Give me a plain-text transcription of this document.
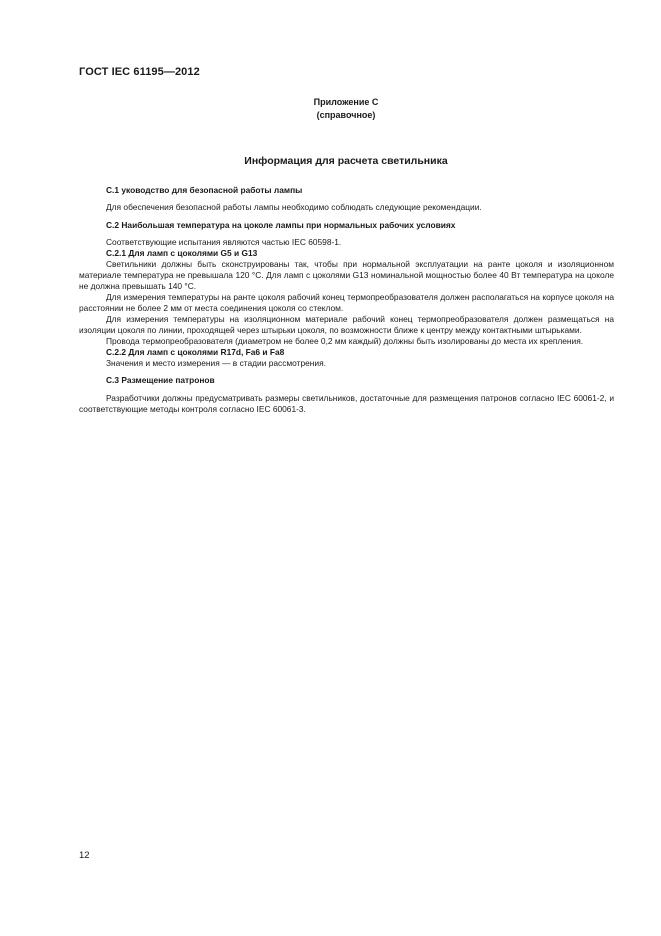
ГОСТ IEC 61195—2012
Приложение С
(справочное)
Информация для расчета светильника

С.1 уководство для безопасной работы лампы

Для обеспечения безопасной работы лампы необходимо соблюдать следующие рекомендации.

С.2 Наибольшая температура на цоколе лампы при нормальных рабочих условиях

Соответствующие испытания являются частью IEC 60598-1.

С.2.1 Для ламп с цоколями G5 и G13

Светильники должны быть сконструированы так, чтобы при нормальной эксплуатации на ранте цоколя и изоляционном материале температура не превышала 120 °С. Для ламп с цоколями G13 номинальной мощностью более 40 Вт температура на цоколе не должна превышать 140 °С.

Для измерения температуры на ранте цоколя рабочий конец термопреобразователя должен располагаться на корпусе цоколя на расстоянии не более 2 мм от места соединения цоколя со стеклом.

Для измерения температуры на изоляционном материале рабочий конец термопреобразователя должен размещаться на изоляции цоколя по линии, проходящей через штырьки цоколя, по возможности ближе к центру между контактными штырьками.

Провода термопреобразователя (диаметром не более 0,2 мм каждый) должны быть изолированы до места их крепления.

С.2.2 Для ламп с цоколями R17d, Fa6 и Fa8

Значения и место измерения — в стадии рассмотрения.

С.3 Размещение патронов

Разработчики должны предусматривать размеры светильников, достаточные для размещения патронов согласно IEC 60061-2, и соответствующие методы контроля согласно IEC 60061-3.

12
